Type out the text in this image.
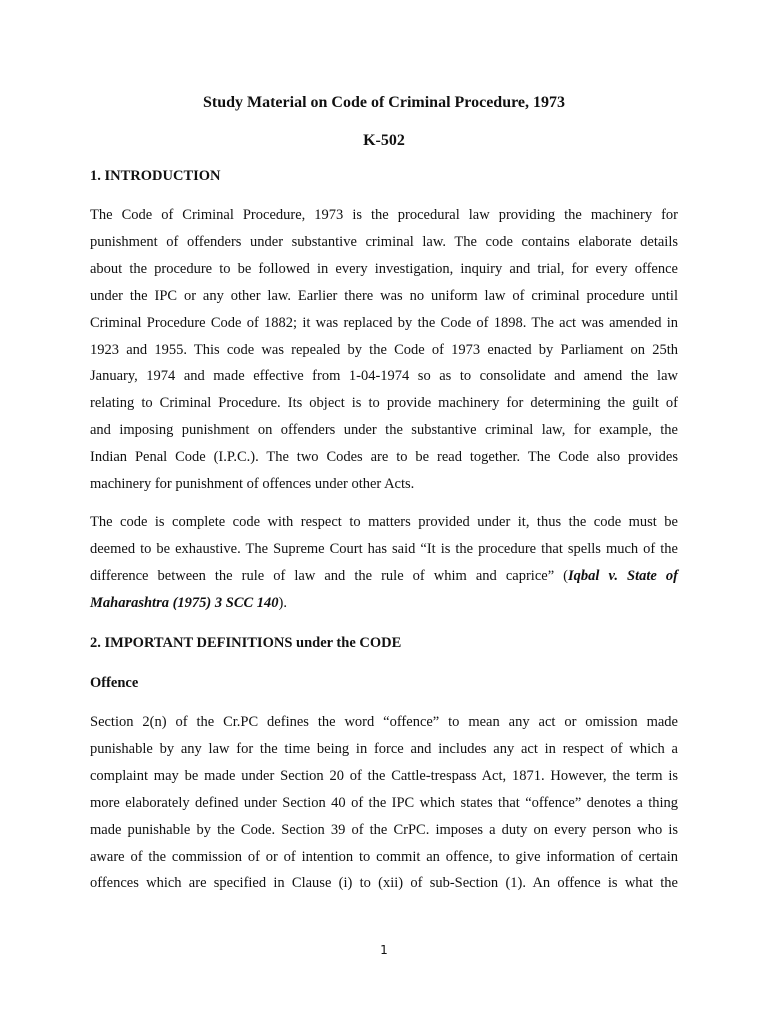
Study Material on Code of Criminal Procedure, 1973
K-502
1. INTRODUCTION

The Code of Criminal Procedure, 1973 is the procedural law providing the machinery for
punishment of offenders under substantive criminal law. The code contains elaborate details
about the procedure to be followed in every investigation, inquiry and trial, for every offence
under the IPC or any other law. Earlier there was no uniform law of criminal procedure until
Criminal Procedure Code of 1882; it was replaced by the Code of 1898. The act was amended in
1923 and 1955. This code was repealed by the Code of 1973 enacted by Parliament on 25th
January, 1974 and made effective from 1-04-1974 so as to consolidate and amend the law
relating to Criminal Procedure. Its object is to provide machinery for determining the guilt of
and imposing punishment on offenders under the substantive criminal law, for example, the
Indian Penal Code (I.P.C.). The two Codes are to be read together. The Code also provides
machinery for punishment of offences under other Acts.

The code is complete code with respect to matters provided under it, thus the code must be
deemed to be exhaustive. The Supreme Court has said “It is the procedure that spells much of the
difference between the rule of law and the rule of whim and caprice” (Iqbal v. State of
Maharashtra (1975) 3 SCC 140).

2. IMPORTANT DEFINITIONS under the CODE
Offence

Section 2(n) of the Cr.PC defines the word “offence” to mean any act or omission made
punishable by any law for the time being in force and includes any act in respect of which a
complaint may be made under Section 20 of the Cattle-trespass Act, 1871. However, the term is
more elaborately defined under Section 40 of the IPC which states that “offence” denotes a thing
made punishable by the Code. Section 39 of the CrPC. imposes a duty on every person who is
aware of the commission of or of intention to commit an offence, to give information of certain
offences which are specified in Clause (i) to (xii) of sub-Section (1). An offence is what the

1
